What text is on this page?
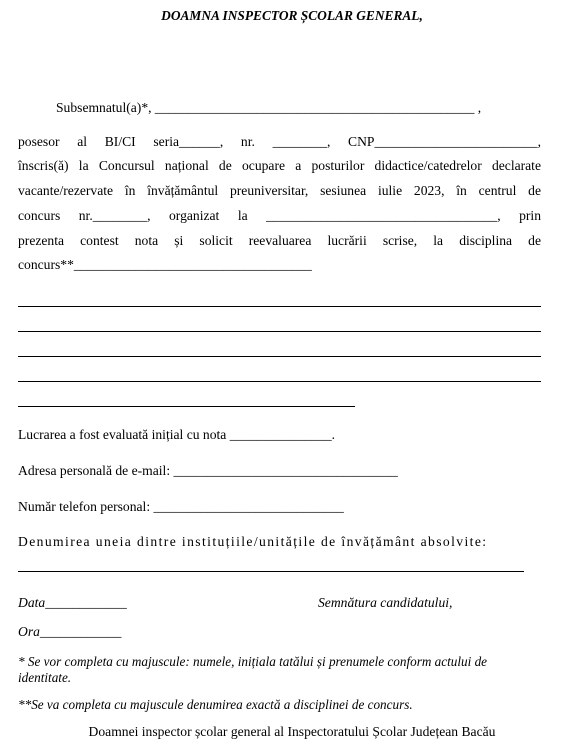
DOAMNA INSPECTOR ȘCOLAR GENERAL,
Subsemnatul(a)*, _______________________________________________ ,
posesor al BI/CI seria______, nr. ________, CNP________________________,
înscris(ă) la Concursul național de ocupare a posturilor didactice/catedrelor declarate
vacante/rezervate în învățământul preuniversitar, sesiunea iulie 2023, în centrul de
concurs nr.________, organizat la __________________________________, prin
prezenta contest nota și solicit reevaluarea lucrării scrise, la disciplina de
concurs**___________________________________
Lucrarea a fost evaluată inițial cu nota _______________.
Adresa personală de e-mail: _________________________________
Număr telefon personal: ____________________________
Denumirea uneia dintre instituțiile/unitățile de învățământ absolvite:
Data____________	Semnătura candidatului,
Ora____________
* Se vor completa cu majuscule: numele, inițiala tatălui și prenumele conform actului de identitate.
**Se va completa cu majuscule denumirea exactă a disciplinei de concurs.
Doamnei inspector școlar general al Inspectoratului Școlar Județean Bacău
